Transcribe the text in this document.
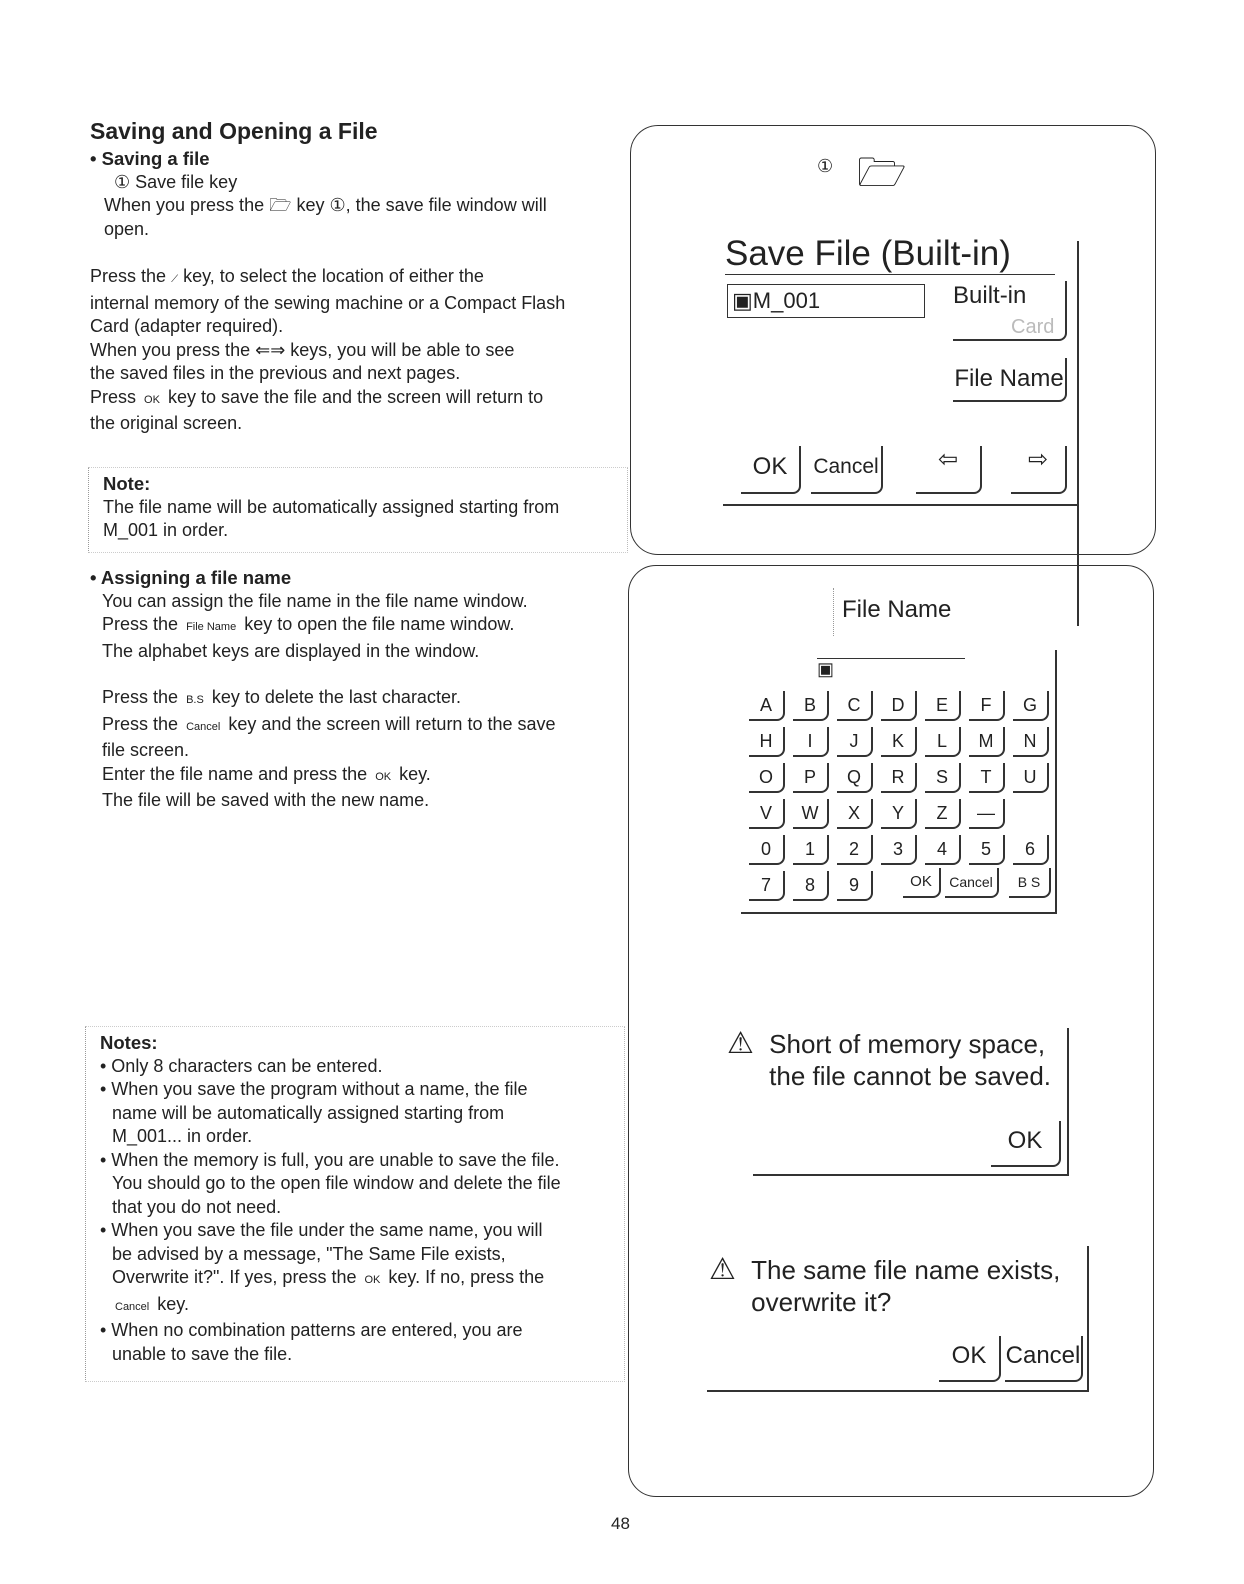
Saving and Opening a File
• Saving a file
① Save file key
When you press the 🗁 key ①, the save file window will
open.
Press the ⟋ key, to select the location of either the
internal memory of the sewing machine or a Compact Flash
Card (adapter required).
When you press the ⇐⇒ keys, you will be able to see
the saved files in the previous and next pages.
Press OK key to save the file and the screen will return to
the original screen.
Note:
The file name will be automatically assigned starting from
M_001 in order.
• Assigning a file name
You can assign the file name in the file name window.
Press the File Name key to open the file name window.
The alphabet keys are displayed in the window.
Press the B.S key to delete the last character.
Press the Cancel key and the screen will return to the save
file screen.
Enter the file name and press the OK key.
The file will be saved with the new name.
Notes:
• Only 8 characters can be entered.
• When you save the program without a name, the file
name will be automatically assigned starting from
M_001... in order.
• When the memory is full, you are unable to save the file.
You should go to the open file window and delete the file
that you do not need.
• When you save the file under the same name, you will
be advised by a message, "The Same File exists,
Overwrite it?". If yes, press the OK key. If no, press the
Cancel key.
• When no combination patterns are entered, you are
unable to save the file.
① 🗁
Save File (Built-in)
▣M_001	Built-in
Card
File Name
OK	Cancel	⇦	⇨
File Name
▣
A	B	C	D	E	F	G
H	I	J	K	L	M	N
O	P	Q	R	S	T	U
V	W	X	Y	Z	—
0	1	2	3	4	5	6
7	8	9	OK	Cancel	B S
⚠ Short of memory space,
the file cannot be saved.
OK
⚠ The same file name exists,
overwrite it?
OK Cancel
48
